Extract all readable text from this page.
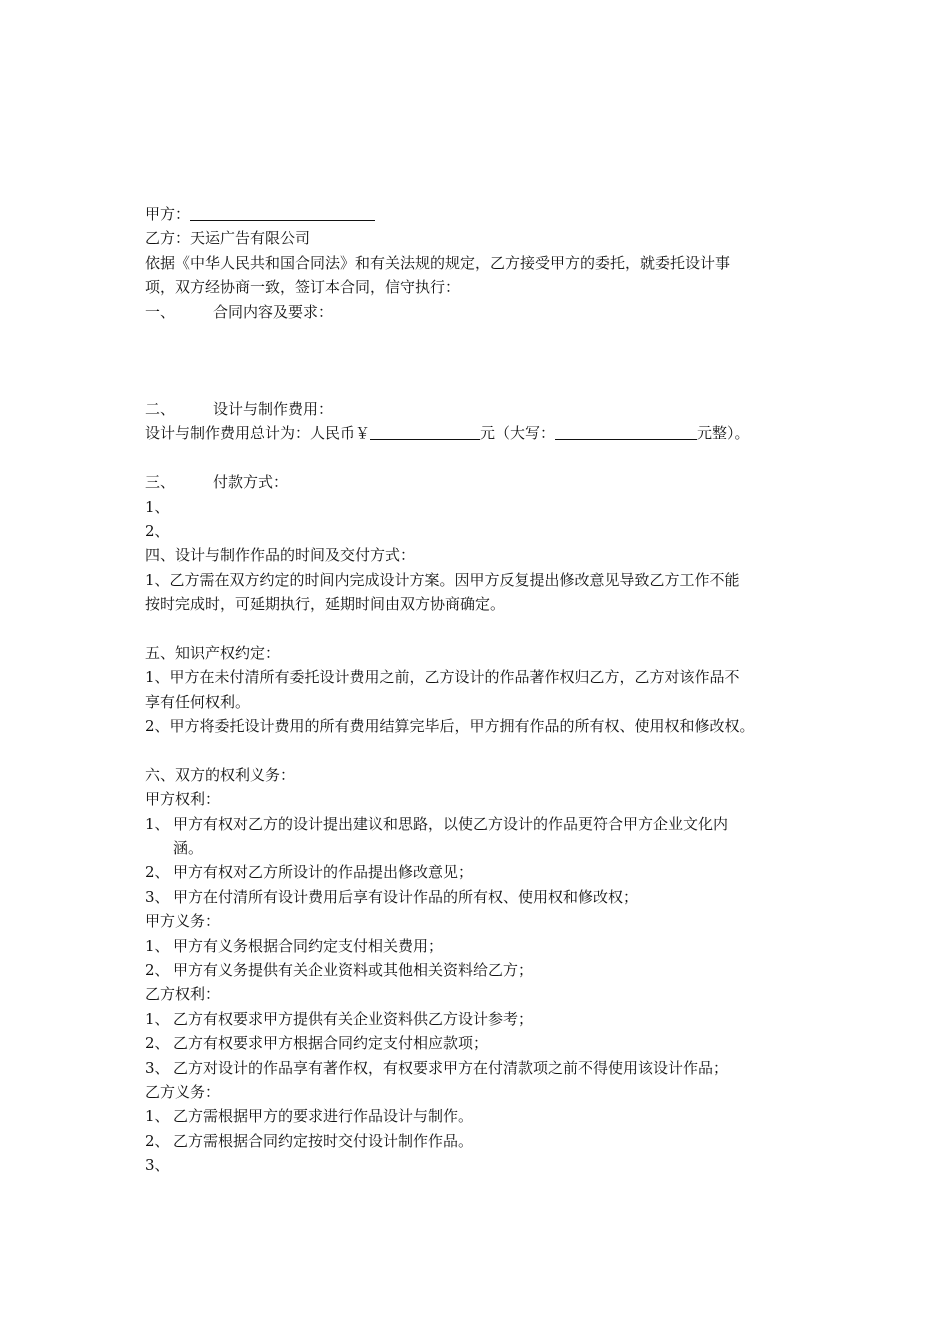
甲方：
乙方：天运广告有限公司
依据《中华人民共和国合同法》和有关法规的规定，乙方接受甲方的委托，就委托设计事
项，双方经协商一致，签订本合同，信守执行：
一、	合同内容及要求：
二、	设计与制作费用：
设计与制作费用总计为：人民币￥	元（大写：	元整）。
三、	付款方式：
1、
2、
四、设计与制作作品的时间及交付方式：
1、乙方需在双方约定的时间内完成设计方案。因甲方反复提出修改意见导致乙方工作不能
按时完成时，可延期执行，延期时间由双方协商确定。
五、知识产权约定：
1、甲方在未付清所有委托设计费用之前，乙方设计的作品著作权归乙方，乙方对该作品不
享有任何权利。
2、甲方将委托设计费用的所有费用结算完毕后，甲方拥有作品的所有权、使用权和修改权。
六、双方的权利义务：
甲方权利：
1、 甲方有权对乙方的设计提出建议和思路，以使乙方设计的作品更符合甲方企业文化内
涵。
2、 甲方有权对乙方所设计的作品提出修改意见；
3、 甲方在付清所有设计费用后享有设计作品的所有权、使用权和修改权；
甲方义务：
1、 甲方有义务根据合同约定支付相关费用；
2、 甲方有义务提供有关企业资料或其他相关资料给乙方；
乙方权利：
1、 乙方有权要求甲方提供有关企业资料供乙方设计参考；
2、 乙方有权要求甲方根据合同约定支付相应款项；
3、 乙方对设计的作品享有著作权，有权要求甲方在付清款项之前不得使用该设计作品；
乙方义务：
1、 乙方需根据甲方的要求进行作品设计与制作。
2、 乙方需根据合同约定按时交付设计制作作品。
3、
